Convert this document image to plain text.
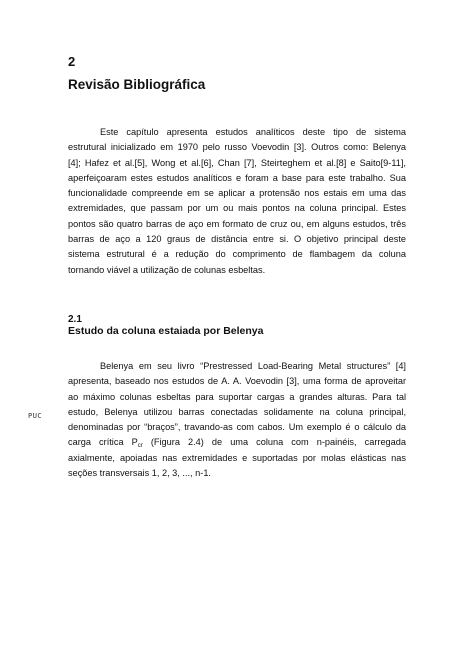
2
Revisão Bibliográfica

Este capítulo apresenta estudos analíticos deste tipo de sistema
estrutural inicializado em 1970 pelo russo Voevodin [3]. Outros como: Belenya
[4]; Hafez et al.[5], Wong et al.[6], Chan [7], Steirteghem et al.[8] e Saito[9-11],
aperfeiçoaram estes estudos analíticos e foram a base para este trabalho. Sua
funcionalidade compreende em se aplicar a protensão nos estais em uma das
extremidades, que passam por um ou mais pontos na coluna principal. Estes
pontos são quatro barras de aço em formato de cruz ou, em alguns estudos, três
barras de aço a 120 graus de distância entre si. O objetivo principal deste
sistema estrutural é a redução do comprimento de flambagem da coluna
tornando viável a utilização de colunas esbeltas.

2.1
Estudo da coluna estaiada por Belenya

Belenya em seu livro “Prestressed Load-Bearing Metal structures” [4]
apresenta, baseado nos estudos de A. A. Voevodin [3], uma forma de aproveitar
ao máximo colunas esbeltas para suportar cargas a grandes alturas. Para tal
estudo, Belenya utilizou barras conectadas solidamente na coluna principal,
denominadas por “braços”, travando-as com cabos. Um exemplo é o cálculo da
carga crítica $P_{cr}$ (Figura 2.4) de uma coluna com n-painéis, carregada
axialmente, apoiadas nas extremidades e suportadas por molas elásticas nas
seções transversais 1, 2, 3, ..., n-1.

PUC
